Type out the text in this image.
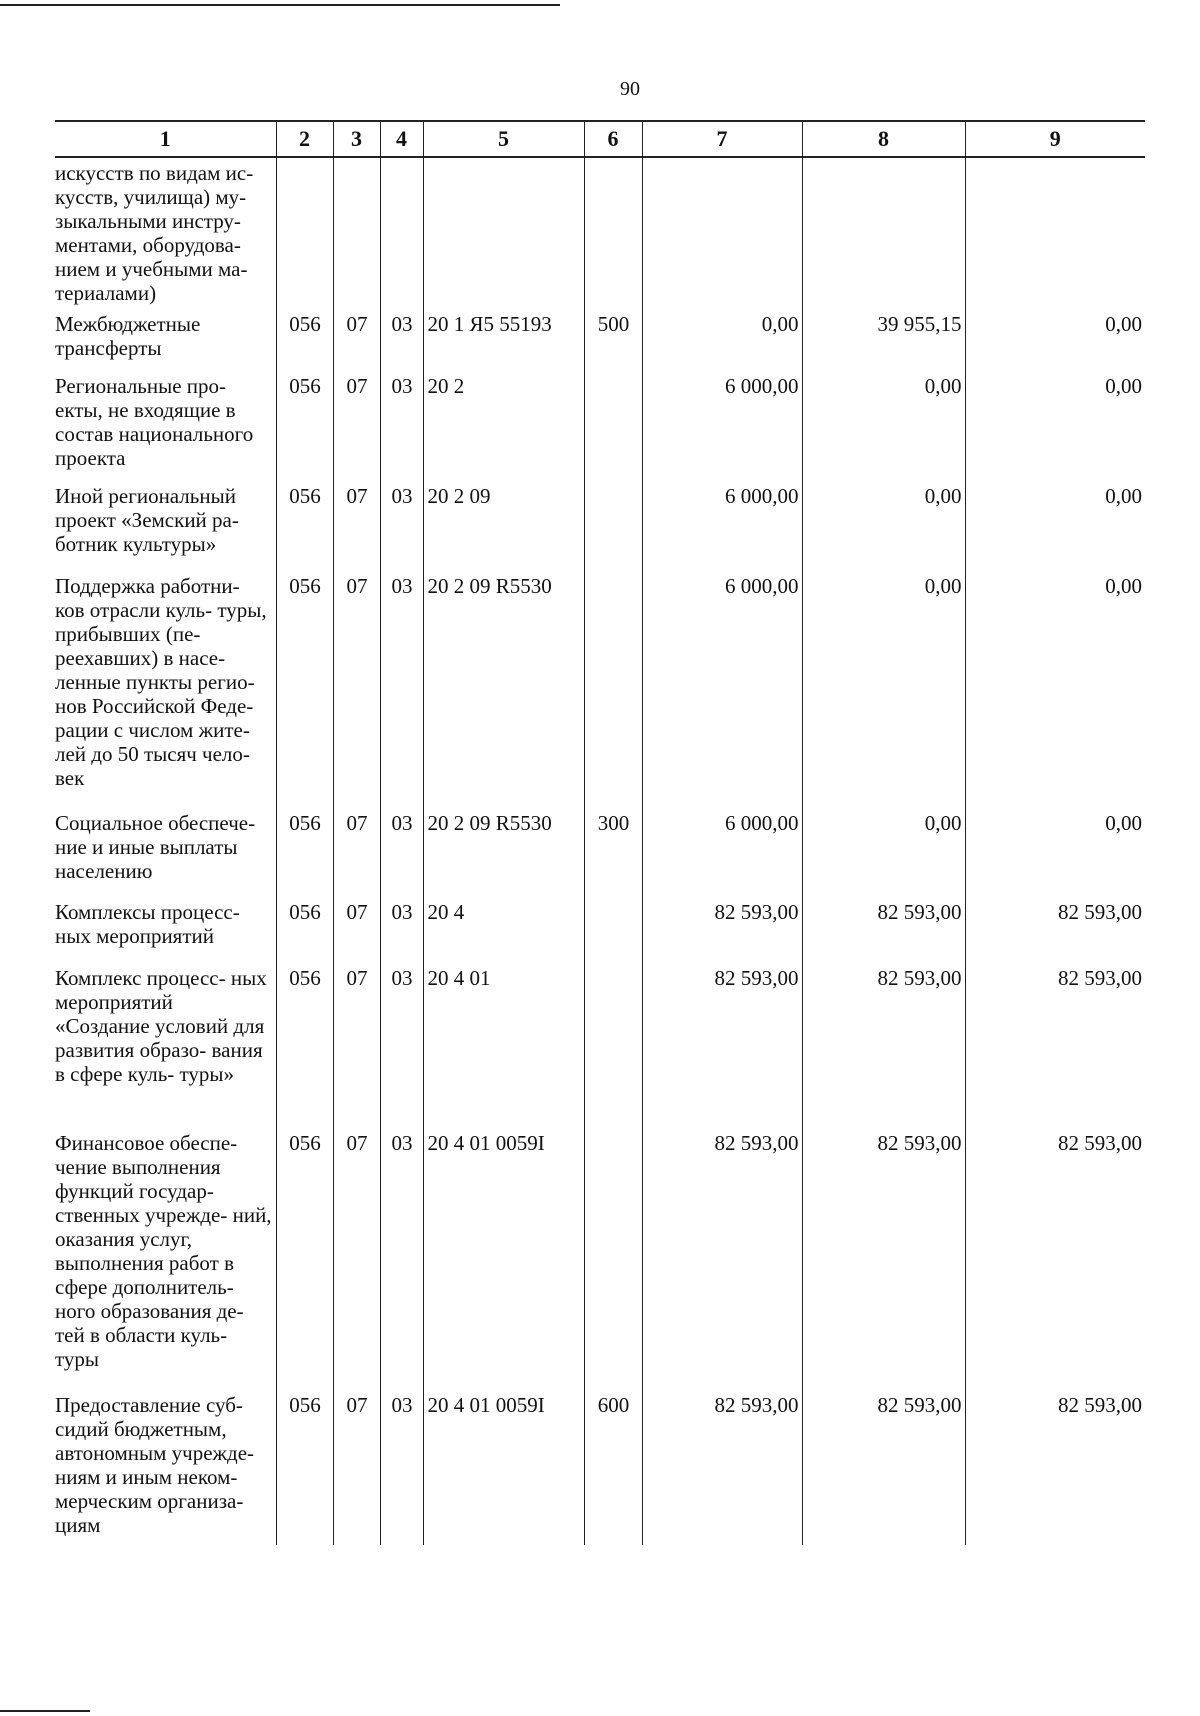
90
1	2	3	4	5	6	7	8	9
искусств по видам ис- кусств, училища) му- зыкальными инстру- ментами, оборудова- нием и учебными ма- териалами)								
Межбюджетные трансферты	056	07	03	20 1 Я5 55193	500	0,00	39 955,15	0,00
Региональные про- екты, не входящие в состав национального проекта	056	07	03	20 2		6 000,00	0,00	0,00
Иной региональный проект «Земский ра- ботник культуры»	056	07	03	20 2 09		6 000,00	0,00	0,00
Поддержка работни- ков отрасли куль- туры, прибывших (пе- реехавших) в насе- ленные пункты регио- нов Российской Феде- рации с числом жите- лей до 50 тысяч чело- век	056	07	03	20 2 09 R5530		6 000,00	0,00	0,00
Социальное обеспече- ние и иные выплаты населению	056	07	03	20 2 09 R5530	300	6 000,00	0,00	0,00
Комплексы процесс- ных мероприятий	056	07	03	20 4		82 593,00	82 593,00	82 593,00
Комплекс процесс- ных мероприятий «Создание условий для развития образо- вания в сфере куль- туры»	056	07	03	20 4 01		82 593,00	82 593,00	82 593,00
Финансовое обеспе- чение выполнения функций государ- ственных учрежде- ний, оказания услуг, выполнения работ в сфере дополнитель- ного образования де- тей в области куль- туры	056	07	03	20 4 01 0059I		82 593,00	82 593,00	82 593,00
Предоставление суб- сидий бюджетным, автономным учрежде- ниям и иным неком- мерческим организа- циям	056	07	03	20 4 01 0059I	600	82 593,00	82 593,00	82 593,00
